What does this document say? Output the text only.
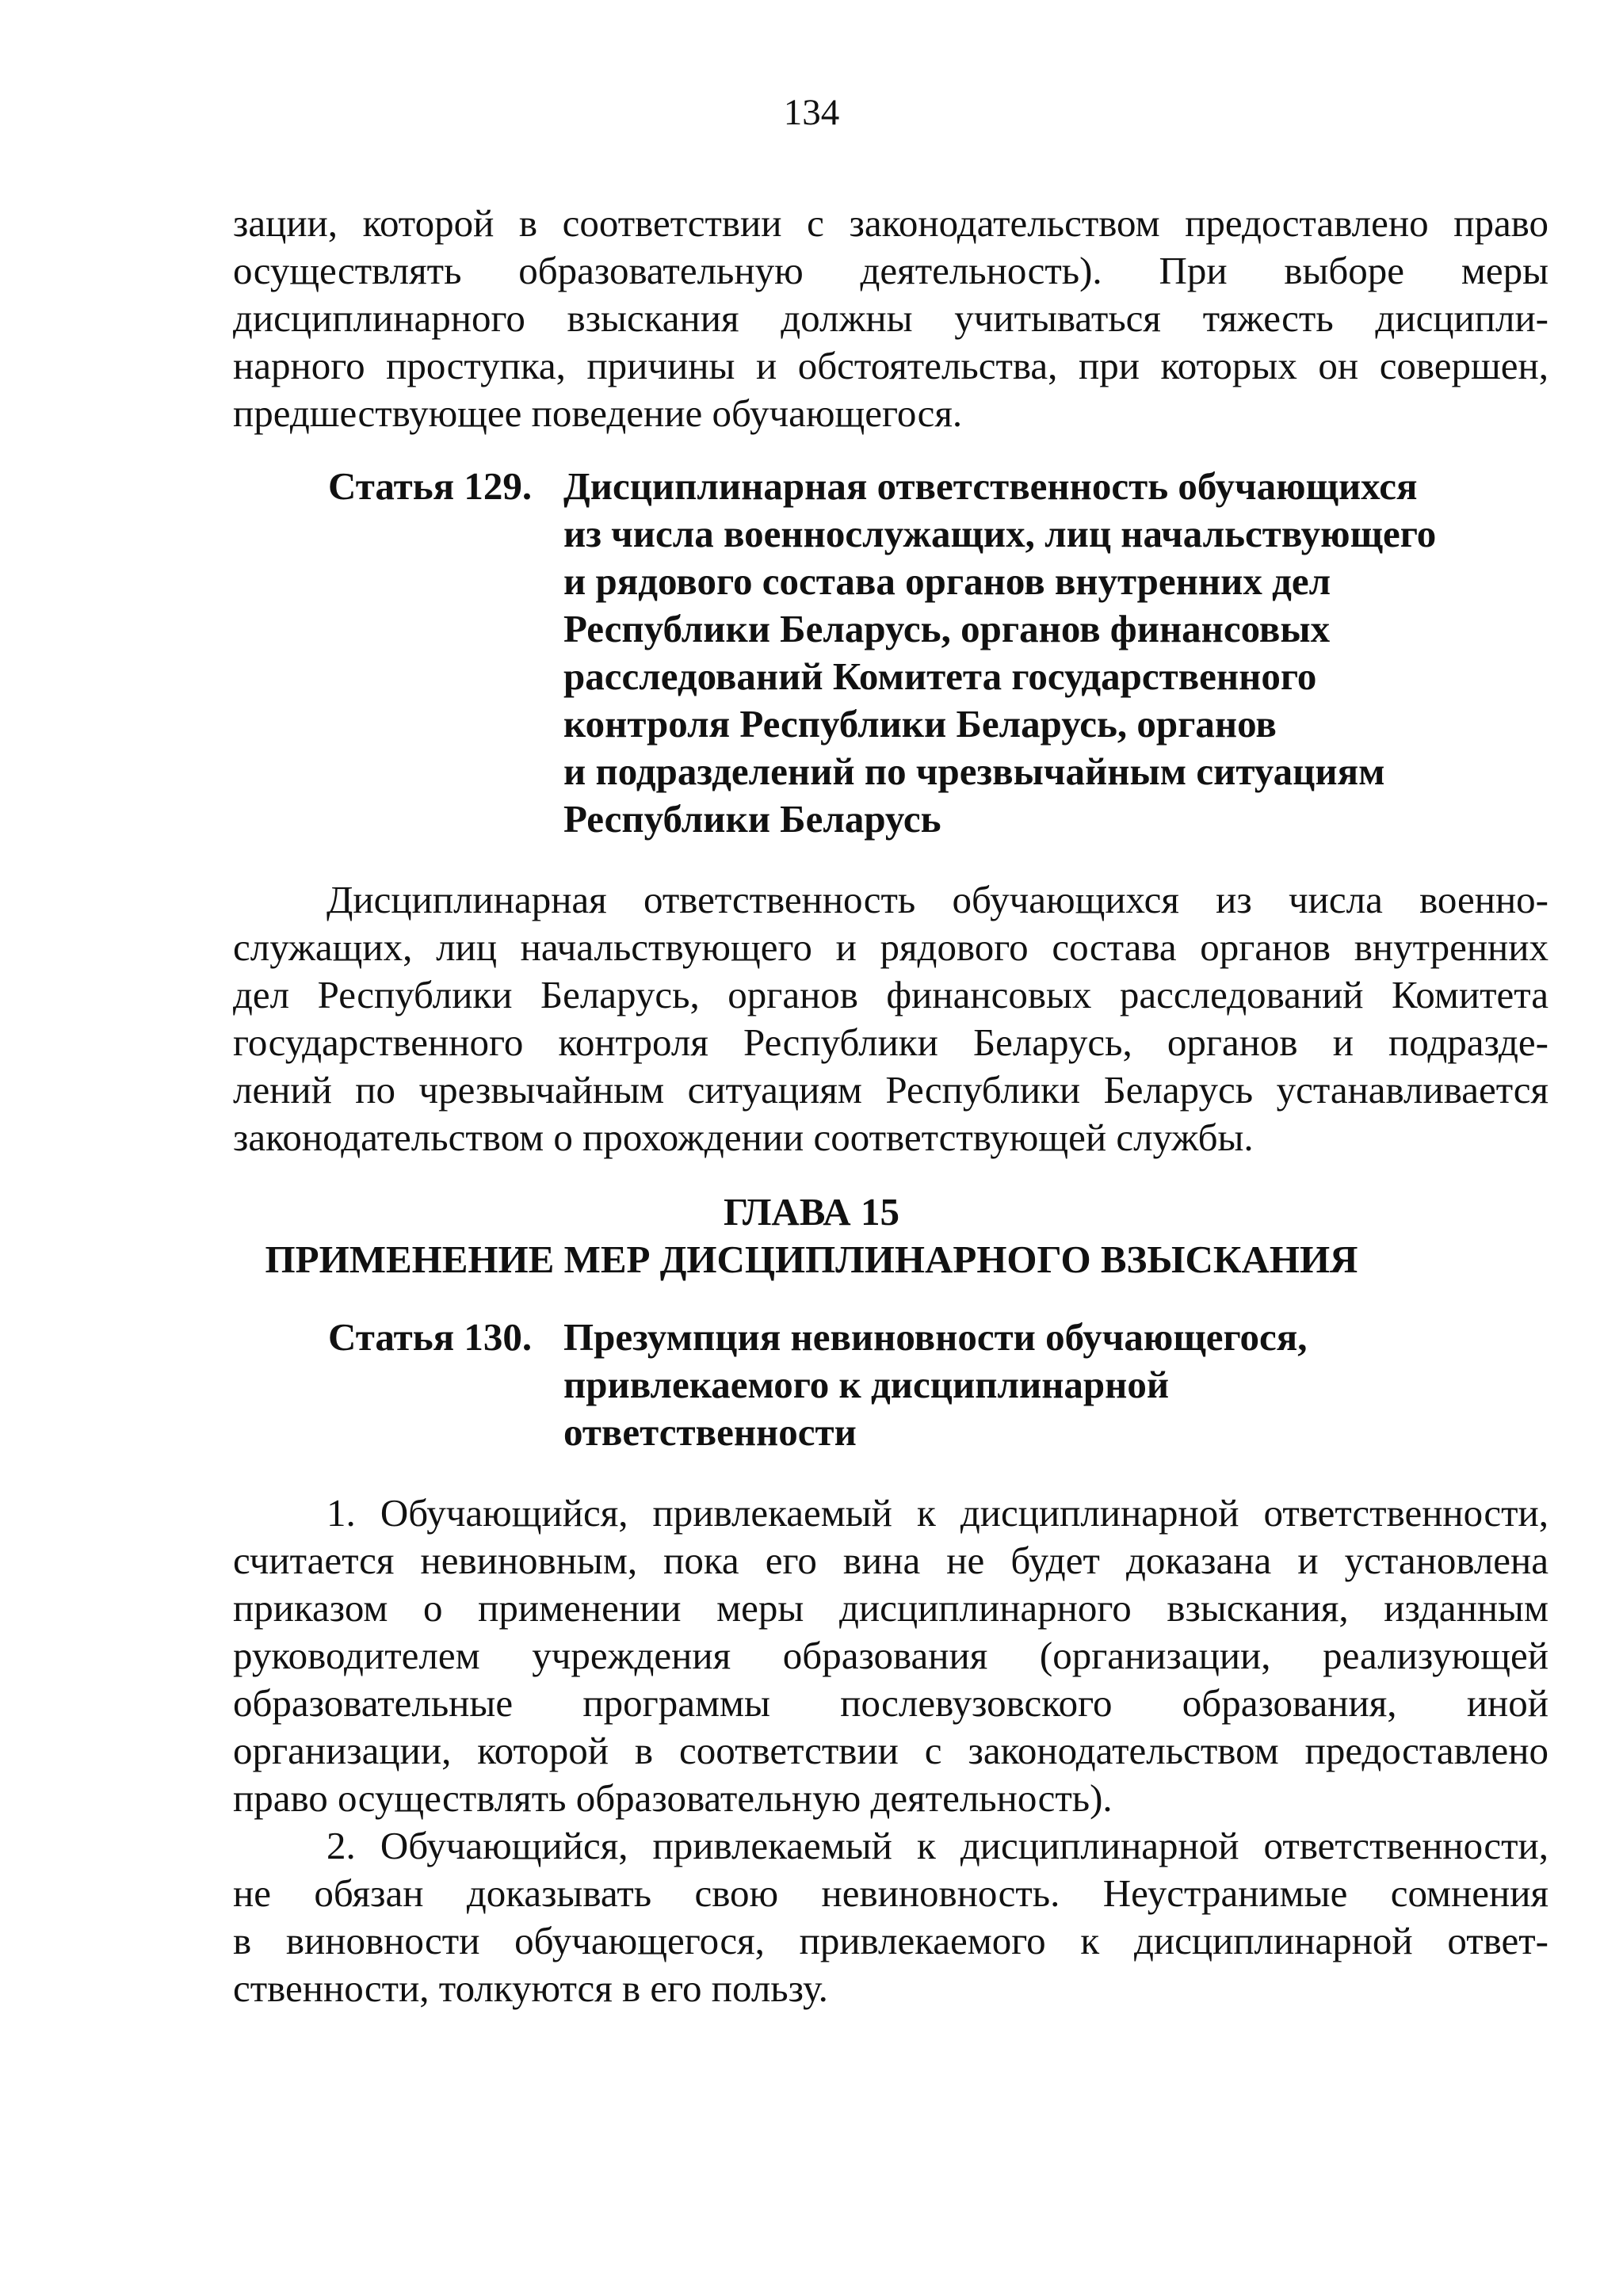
134
зации, которой в соответствии с законодательством предоставлено право
осуществлять образовательную деятельность). При выборе меры
дисциплинарного взыскания должны учитываться тяжесть дисципли-
нарного проступка, причины и обстоятельства, при которых он совершен,
предшествующее поведение обучающегося.
Статья 129. Дисциплинарная ответственность обучающихся
из числа военнослужащих, лиц начальствующего
и рядового состава органов внутренних дел
Республики Беларусь, органов финансовых
расследований Комитета государственного
контроля Республики Беларусь, органов
и подразделений по чрезвычайным ситуациям
Республики Беларусь
Дисциплинарная ответственность обучающихся из числа военно-
служащих, лиц начальствующего и рядового состава органов внутренних
дел Республики Беларусь, органов финансовых расследований Комитета
государственного контроля Республики Беларусь, органов и подразде-
лений по чрезвычайным ситуациям Республики Беларусь устанавливается
законодательством о прохождении соответствующей службы.
ГЛАВА 15
ПРИМЕНЕНИЕ МЕР ДИСЦИПЛИНАРНОГО ВЗЫСКАНИЯ
Статья 130. Презумпция невиновности обучающегося,
привлекаемого к дисциплинарной
ответственности
1. Обучающийся, привлекаемый к дисциплинарной ответственности,
считается невиновным, пока его вина не будет доказана и установлена
приказом о применении меры дисциплинарного взыскания, изданным
руководителем учреждения образования (организации, реализующей
образовательные программы послевузовского образования, иной
организации, которой в соответствии с законодательством предоставлено
право осуществлять образовательную деятельность).
2. Обучающийся, привлекаемый к дисциплинарной ответственности,
не обязан доказывать свою невиновность. Неустранимые сомнения
в виновности обучающегося, привлекаемого к дисциплинарной ответ-
ственности, толкуются в его пользу.
